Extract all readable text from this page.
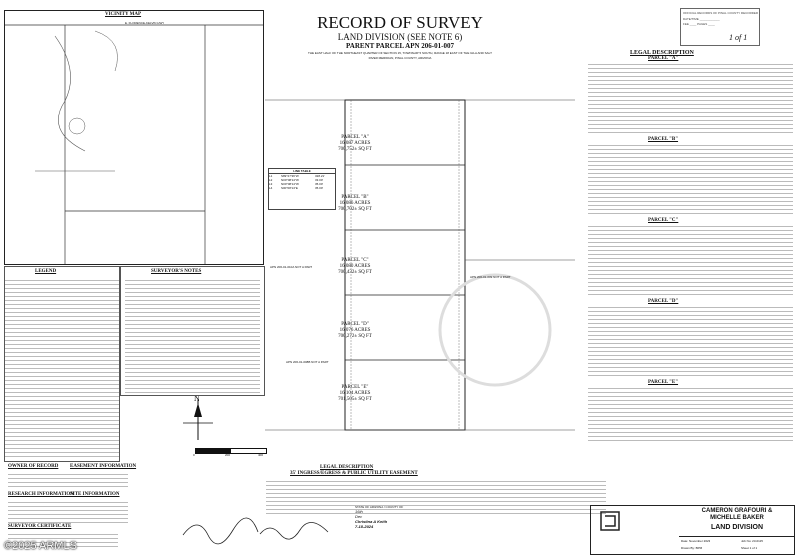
RECORD OF SURVEY
LAND DIVISION (SEE NOTE 6)
PARENT PARCEL APN 206-01-007
THE EAST HALF OF THE NORTHEAST QUARTER OF SECTION 15, TOWNSHIP 5 SOUTH, RANGE 18 EAST OF THE GILA AND SALT
RIVER MERIDIAN, PINAL COUNTY, ARIZONA
OFFICIAL RECORDS OF PINAL COUNTY RECORDER
DATE/TIME ____________
FEE ____ PAGES ____
1 of 1
VICINITY MAP
E. FLORENCE-KELVIN HWY
PARCEL "A"
16.087 ACRES
700,752± SQ FT
PARCEL "B"
16.086 ACRES
700,702± SQ FT
PARCEL "C"
16.080 ACRES
700,432± SQ FT
PARCEL "D"
16.076 ACRES
700,272± SQ FT
PARCEL "E"
16.104 ACRES
701,505± SQ FT
APN 206-01-010A NOT A PART
APN 206-01-008B NOT A PART
APN 206-01-009 NOT A PART
LINE TABLE
L1	S89°27'36"W	328.21'
L2	N00°08'14"W	33.00'
L3	N00°08'14"W	35.00'
L4	S00°08'14"E	35.00'
N
0	200	400
LEGEND	SURVEYOR'S NOTES
OWNER OF RECORD EASEMENT INFORMATION
RESEARCH INFORMATION
SITE INFORMATION
SURVEYOR CERTIFICATE
35' INGRESS/EGRESS & PUBLIC UTILITY EASEMENT
LEGAL DESCRIPTION
STATE OF ARIZONA / COUNTY OF
16th
Dec
Christina A Keith
7-18-2024
LEGAL DESCRIPTION
PARCEL "A"
PARCEL "B"
PARCEL "C"
PARCEL "D"
PARCEL "E"
CAMERON GRAFOURI &
MICHELLE BAKER
LAND DIVISION
Date: November 2023	Job No: 23-0115
Drawn By: BPM	Sheet 1 of 1
©2025 ARMLS
